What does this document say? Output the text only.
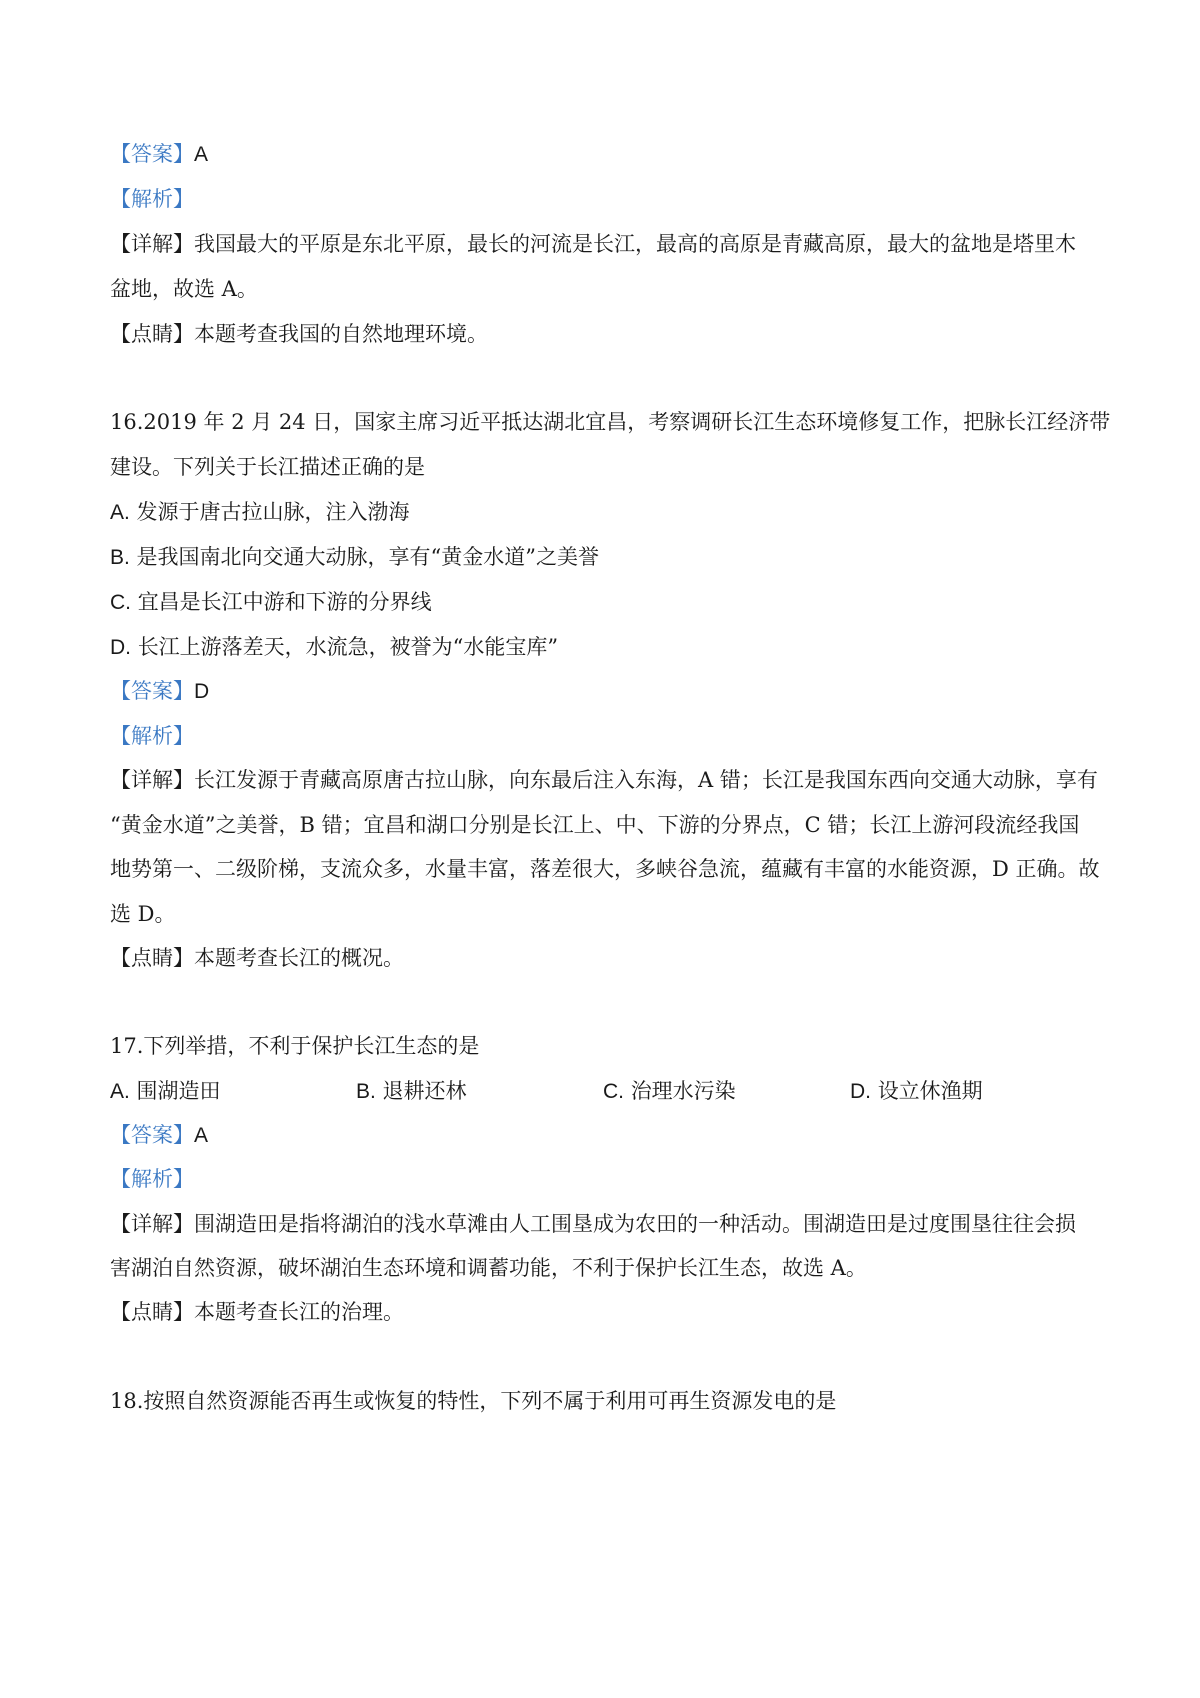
【答案】A
【解析】
【详解】我国最大的平原是东北平原，最长的河流是长江，最高的高原是青藏高原，最大的盆地是塔里木
盆地，故选 A。
【点睛】本题考查我国的自然地理环境。
16.2019 年 2 月 24 日，国家主席习近平抵达湖北宜昌，考察调研长江生态环境修复工作，把脉长江经济带
建设。下列关于长江描述正确的是
A. 发源于唐古拉山脉，注入渤海
B. 是我国南北向交通大动脉，享有“黄金水道”之美誉
C. 宜昌是长江中游和下游的分界线
D. 长江上游落差天，水流急，被誉为“水能宝库”
【答案】D
【解析】
【详解】长江发源于青藏高原唐古拉山脉，向东最后注入东海，A 错；长江是我国东西向交通大动脉，享有
“黄金水道”之美誉，B 错；宜昌和湖口分别是长江上、中、下游的分界点，C 错；长江上游河段流经我国
地势第一、二级阶梯，支流众多，水量丰富，落差很大，多峡谷急流，蕴藏有丰富的水能资源，D 正确。故
选 D。
【点睛】本题考查长江的概况。
17.下列举措，不利于保护长江生态的是
A. 围湖造田	B. 退耕还林	C. 治理水污染	D. 设立休渔期
【答案】A
【解析】
【详解】围湖造田是指将湖泊的浅水草滩由人工围垦成为农田的一种活动。围湖造田是过度围垦往往会损
害湖泊自然资源，破坏湖泊生态环境和调蓄功能，不利于保护长江生态，故选 A。
【点睛】本题考查长江的治理。
18.按照自然资源能否再生或恢复的特性，下列不属于利用可再生资源发电的是
